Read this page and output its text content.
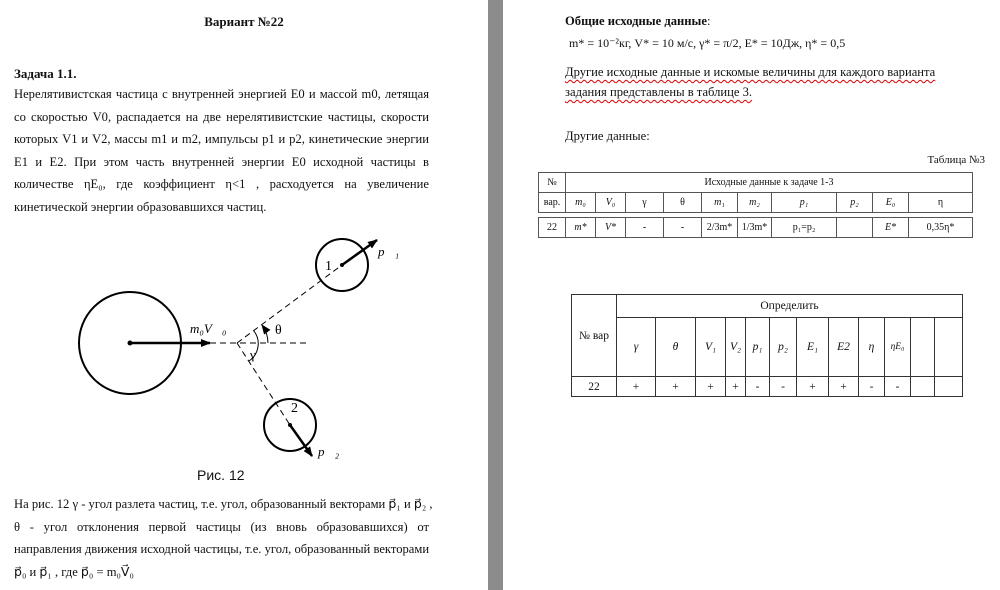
Вариант №22
Задача 1.1.
Нерелятивистская частица с внутренней энергией E0 и массой m0, летящая
со скоростью V0, распадается на две нерелятивистские частицы, скорости
которых V1 и V2, массы m1 и m2, импульсы p1 и p2, кинетические энергии
E1 и E2. При этом часть внутренней энергии E0 исходной частицы в
количестве ηE₀, где коэффициент η<1 , расходуется на увеличение
кинетической энергии образовавшихся частиц.
m₀V⃗₀
p⃗₁
p⃗₂
1
2
θ
γ
Рис. 12
На рис. 12 γ - угол разлета частиц, т.е. угол, образованный векторами p⃗₁ и p⃗₂ ,
θ - угол отклонения первой частицы (из вновь образовавшихся) от
направления движения исходной частицы, т.е. угол, образованный векторами
p⃗₀ и p⃗₁ , где p⃗₀ = m₀V⃗₀
Общие исходные данные:
m* = 10⁻²кг, V* = 10 м/с, γ* = π/2, E* = 10Дж, η* = 0,5
Другие исходные данные и искомые величины для каждого варианта
задания представлены в таблице 3.
Другие данные:
Таблица №3
№	Исходные данные к задаче 1-3									
вар.	m₀	V₀	γ	θ	m₁	m₂	p₁	p₂	E₀	η

22	m*	V*	-	-	2/3m*	1/3m*	p₁=p₂		E*	0,35η*
№ вар	Определить											
	γ	θ	V₁	V₂	p₁	p₂	E₁	E2	η	ηE₀		
22	+	+	+	+	-	-	+	+	-	-		
